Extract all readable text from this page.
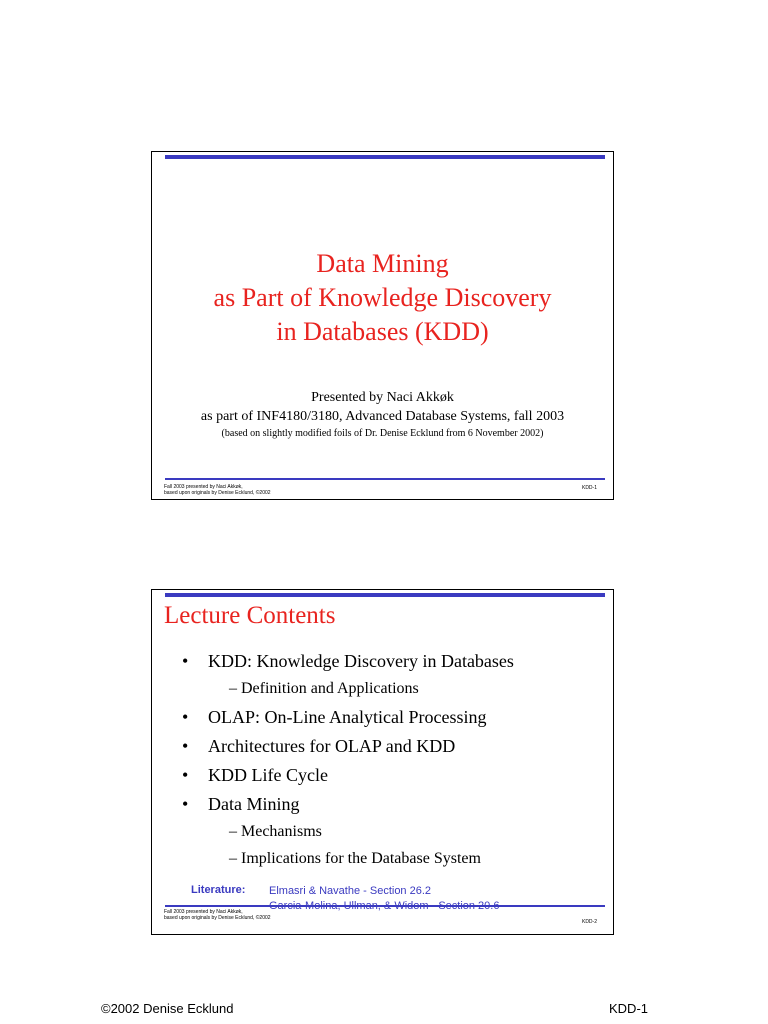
Data Mining
as Part of Knowledge Discovery
in Databases (KDD)
Presented by Naci Akkøk
as part of INF4180/3180, Advanced Database Systems, fall 2003
(based on slightly modified foils of Dr. Denise Ecklund from 6 November 2002)
Fall 2003 presented by Naci Akkøk,
based upon originals by Denise Ecklund, ©2002
KDD-1
Lecture Contents
• KDD: Knowledge Discovery in Databases
– Definition and Applications
• OLAP: On-Line Analytical Processing
• Architectures for OLAP and KDD
• KDD Life Cycle
• Data Mining
– Mechanisms
– Implications for the Database System
Literature: Elmasri & Navathe - Section 26.2
Fall 2003 presented by Naci Akkøk,
based upon originals by Denise Ecklund, ©2002
KDD-2
©2002 Denise Ecklund	KDD-1
